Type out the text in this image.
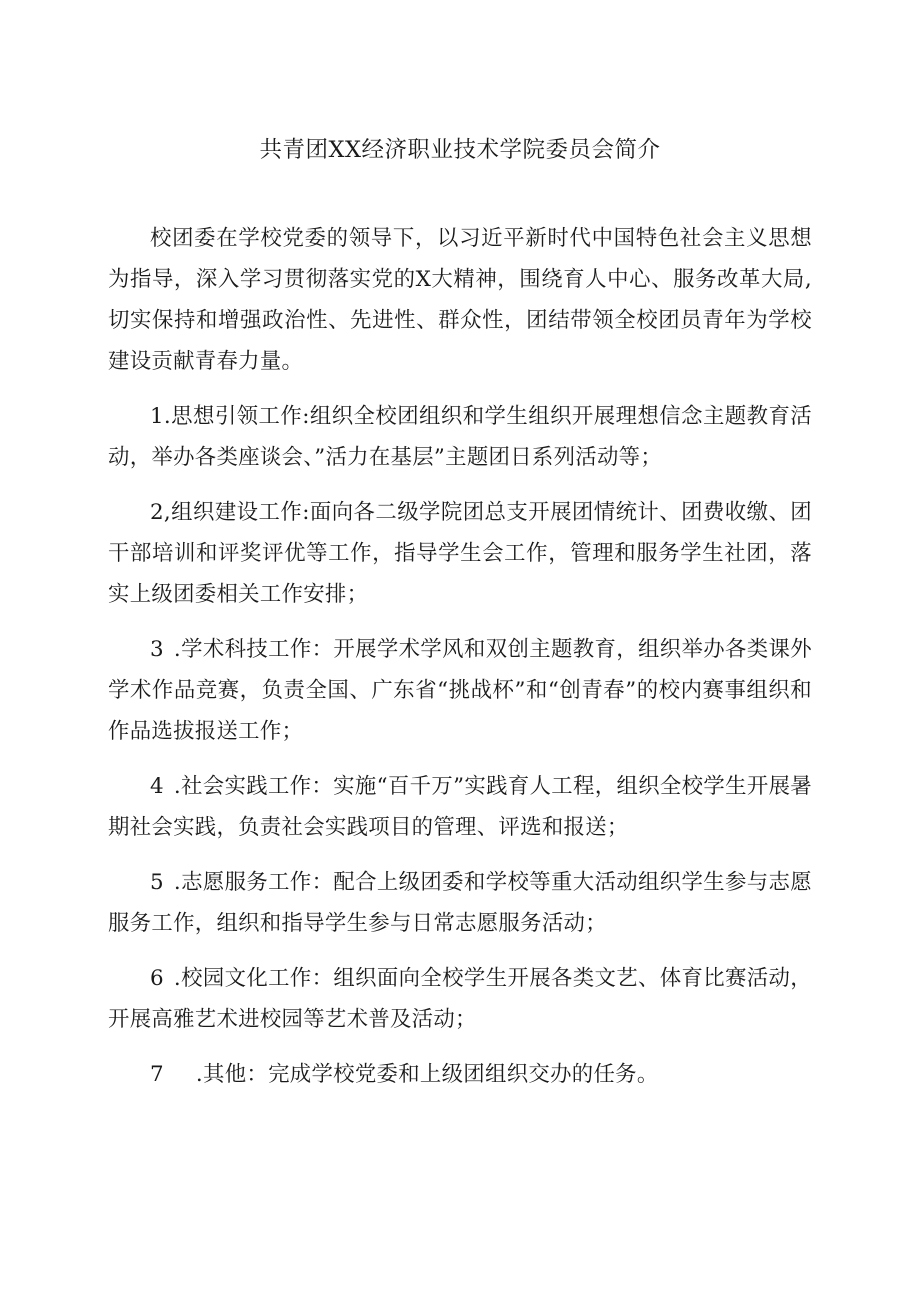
共青团XX经济职业技术学院委员会简介

校团委在学校党委的领导下，以习近平新时代中国特色社会主义思想为指导，深入学习贯彻落实党的X大精神，围绕育人中心、服务改革大局,切实保持和增强政治性、先进性、群众性，团结带领全校团员青年为学校建设贡献青春力量。

1.思想引领工作:组织全校团组织和学生组织开展理想信念主题教育活动，举办各类座谈会、”活力在基层”主题团日系列活动等；

2,组织建设工作:面向各二级学院团总支开展团情统计、团费收缴、团干部培训和评奖评优等工作，指导学生会工作，管理和服务学生社团，落实上级团委相关工作安排；

3 .学术科技工作：开展学术学风和双创主题教育，组织举办各类课外学术作品竞赛，负责全国、广东省“挑战杯”和“创青春”的校内赛事组织和作品选拔报送工作；

4 .社会实践工作：实施“百千万”实践育人工程，组织全校学生开展暑期社会实践，负责社会实践项目的管理、评选和报送；

5 .志愿服务工作：配合上级团委和学校等重大活动组织学生参与志愿服务工作，组织和指导学生参与日常志愿服务活动；

6 .校园文化工作：组织面向全校学生开展各类文艺、体育比赛活动，开展高雅艺术进校园等艺术普及活动；

7 .其他：完成学校党委和上级团组织交办的任务。
